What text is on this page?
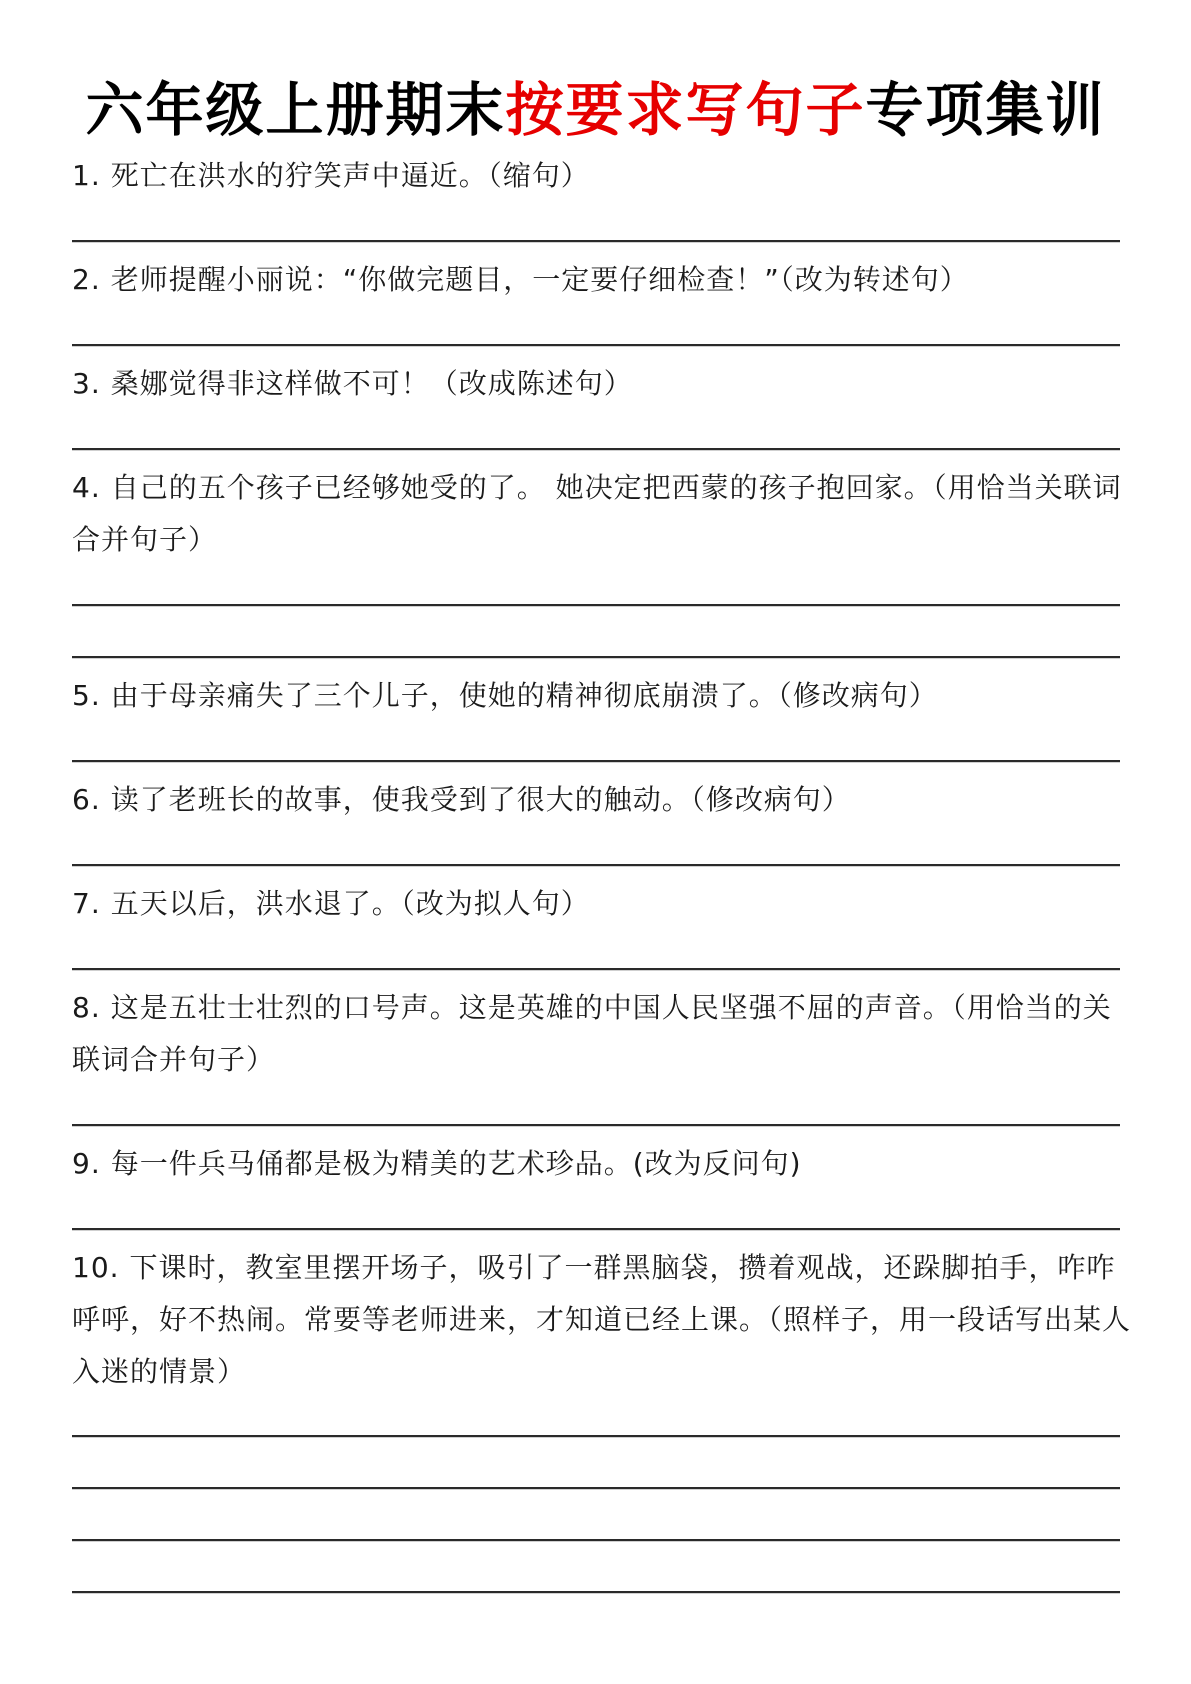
六年级上册期末按要求写句子专项集训
1. 死亡在洪水的狞笑声中逼近。（缩句）
2. 老师提醒小丽说：“你做完题目，一定要仔细检查！”（改为转述句）
3. 桑娜觉得非这样做不可！（改成陈述句）
4. 自己的五个孩子已经够她受的了。 她决定把西蒙的孩子抱回家。（用恰当关联词合并句子）
5. 由于母亲痛失了三个儿子，使她的精神彻底崩溃了。（修改病句）
6. 读了老班长的故事，使我受到了很大的触动。（修改病句）
7. 五天以后，洪水退了。（改为拟人句）
8. 这是五壮士壮烈的口号声。这是英雄的中国人民坚强不屈的声音。（用恰当的关联词合并句子）
9. 每一件兵马俑都是极为精美的艺术珍品。(改为反问句)
10. 下课时，教室里摆开场子，吸引了一群黑脑袋，攒着观战，还跺脚拍手，咋咋呼呼，好不热闹。常要等老师进来，才知道已经上课。（照样子，用一段话写出某人入迷的情景）
